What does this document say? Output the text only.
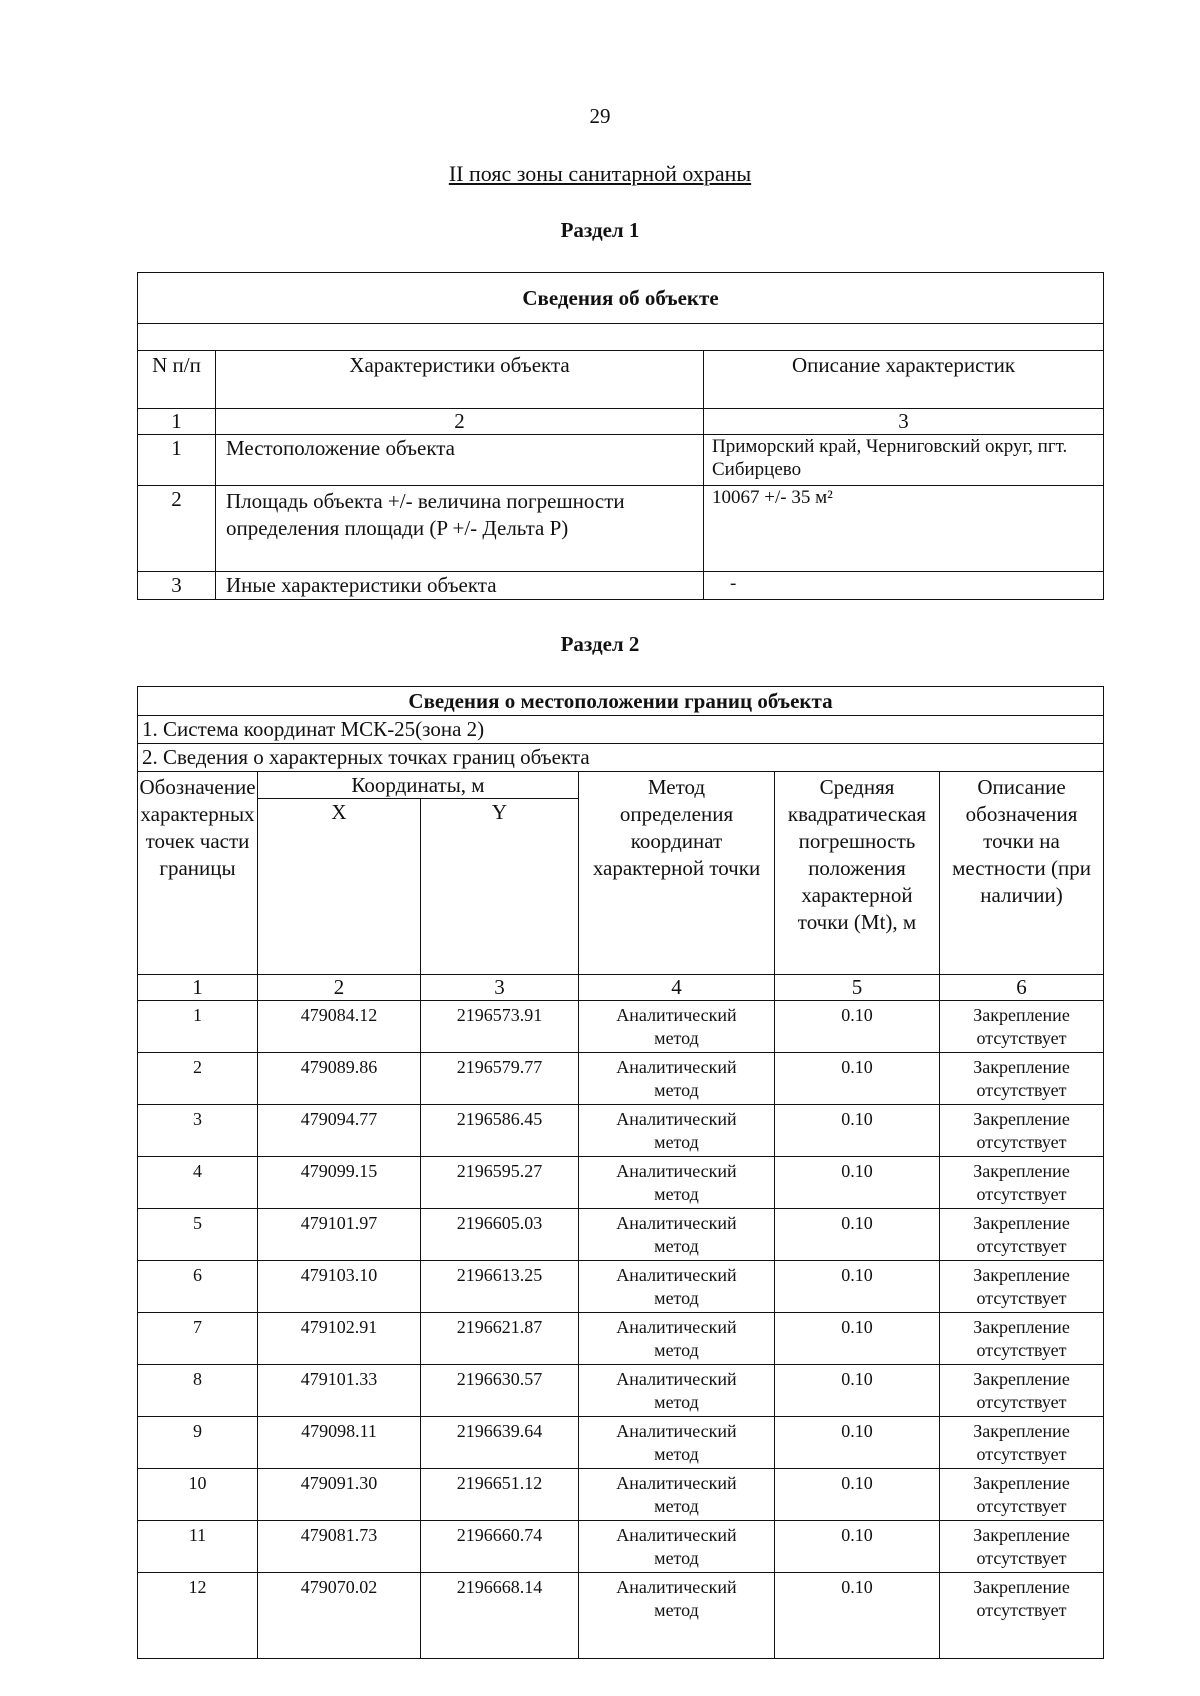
29
II пояс зоны санитарной охраны
Раздел 1
Сведения об объекте		

N п/п	Характеристики объекта	Описание характеристик
1	2	3
1	Местоположение объекта	Приморский край, Черниговский округ, пгт. Сибирцево
2	Площадь объекта +/- величина погрешности определения площади (P +/- Дельта P)	10067 +/- 35 м²
3	Иные характеристики объекта	-
Раздел 2
Сведения о местоположении границ объекта					
1. Система координат МСК-25(зона 2)					
2. Сведения о характерных точках границ объекта					
Обозначение характерных точек части границы	Координаты, м		Метод определения координат характерной точки	Средняя квадратическая погрешность положения характерной точки (Mt), м	Описание обозначения точки на местности (при наличии)
	X	Y			
1	2	3	4	5	6
1	479084.12	2196573.91	Аналитический метод	0.10	Закрепление отсутствует
2	479089.86	2196579.77	Аналитический метод	0.10	Закрепление отсутствует
3	479094.77	2196586.45	Аналитический метод	0.10	Закрепление отсутствует
4	479099.15	2196595.27	Аналитический метод	0.10	Закрепление отсутствует
5	479101.97	2196605.03	Аналитический метод	0.10	Закрепление отсутствует
6	479103.10	2196613.25	Аналитический метод	0.10	Закрепление отсутствует
7	479102.91	2196621.87	Аналитический метод	0.10	Закрепление отсутствует
8	479101.33	2196630.57	Аналитический метод	0.10	Закрепление отсутствует
9	479098.11	2196639.64	Аналитический метод	0.10	Закрепление отсутствует
10	479091.30	2196651.12	Аналитический метод	0.10	Закрепление отсутствует
11	479081.73	2196660.74	Аналитический метод	0.10	Закрепление отсутствует
12	479070.02	2196668.14	Аналитический метод	0.10	Закрепление отсутствует
